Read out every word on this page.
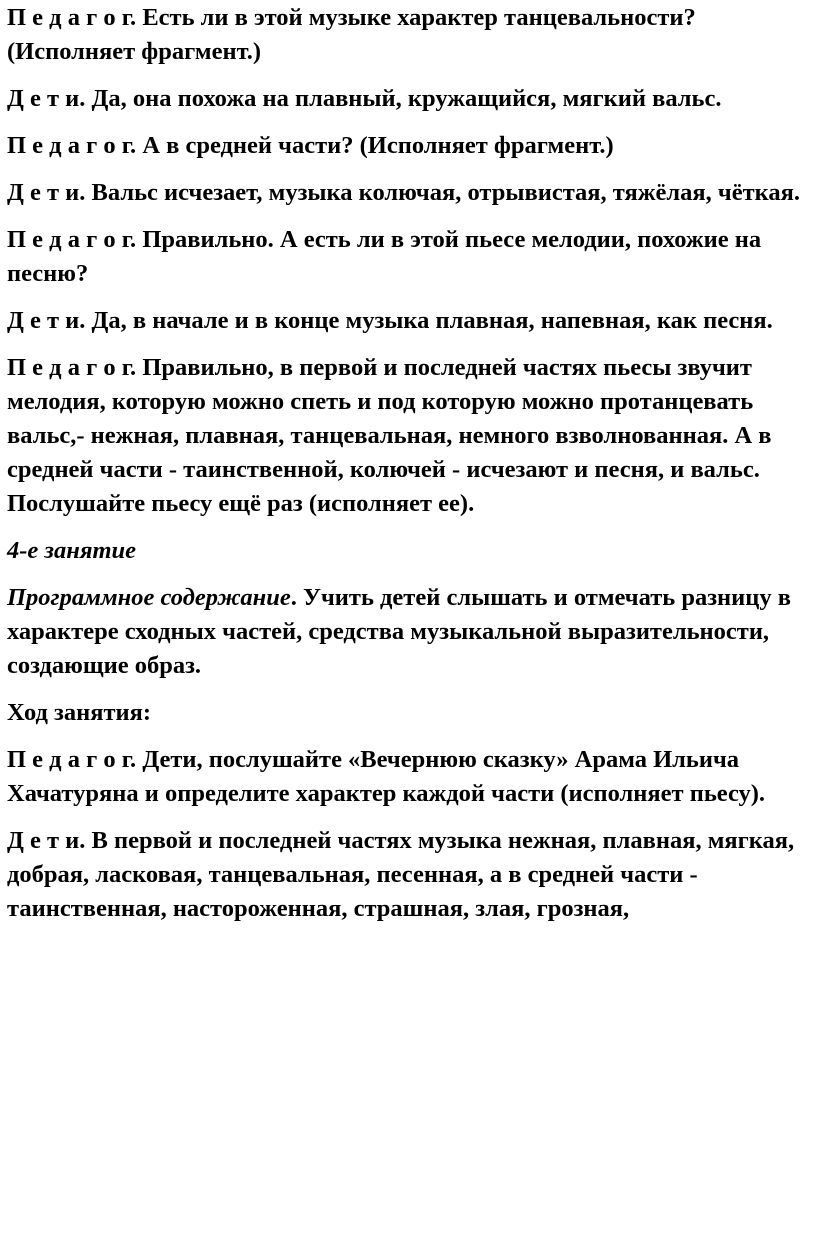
П е д а г о г. Есть ли в этой музыке характер танцевальности? (Исполняет фрагмент.)

Д е т и. Да, она похожа на плавный, кружащийся, мягкий вальс.

П е д а г о г. А в средней части? (Исполняет фрагмент.)

Д е т и. Вальс исчезает, музыка колючая, отрывистая, тяжёлая, чёткая.

П е д а г о г. Правильно. А есть ли в этой пьесе мелодии, похожие на песню?

Д е т и. Да, в начале и в конце музыка плавная, напевная, как песня.

П е д а г о г. Правильно, в первой и последней частях пьесы звучит мелодия, которую можно спеть и под которую можно протанцевать вальс,- нежная, плавная, танцевальная, немного взволнованная. А в средней части - таинственной, колючей - исчезают и песня, и вальс. Послушайте пьесу ещё раз (исполняет ее).

4-е занятие

Программное содержание. Учить детей слышать и отмечать разницу в характере сходных частей, средства музыкальной выразительности, создающие образ.

Ход занятия:

П е д а г о г. Дети, послушайте «Вечернюю сказку» Арама Ильича Хачатуряна и определите характер каждой части (исполняет пьесу).

Д е т и. В первой и последней частях музыка нежная, плавная, мягкая, добрая, ласковая, танцевальная, песенная, а в средней части - таинственная, настороженная, страшная, злая, грозная,
